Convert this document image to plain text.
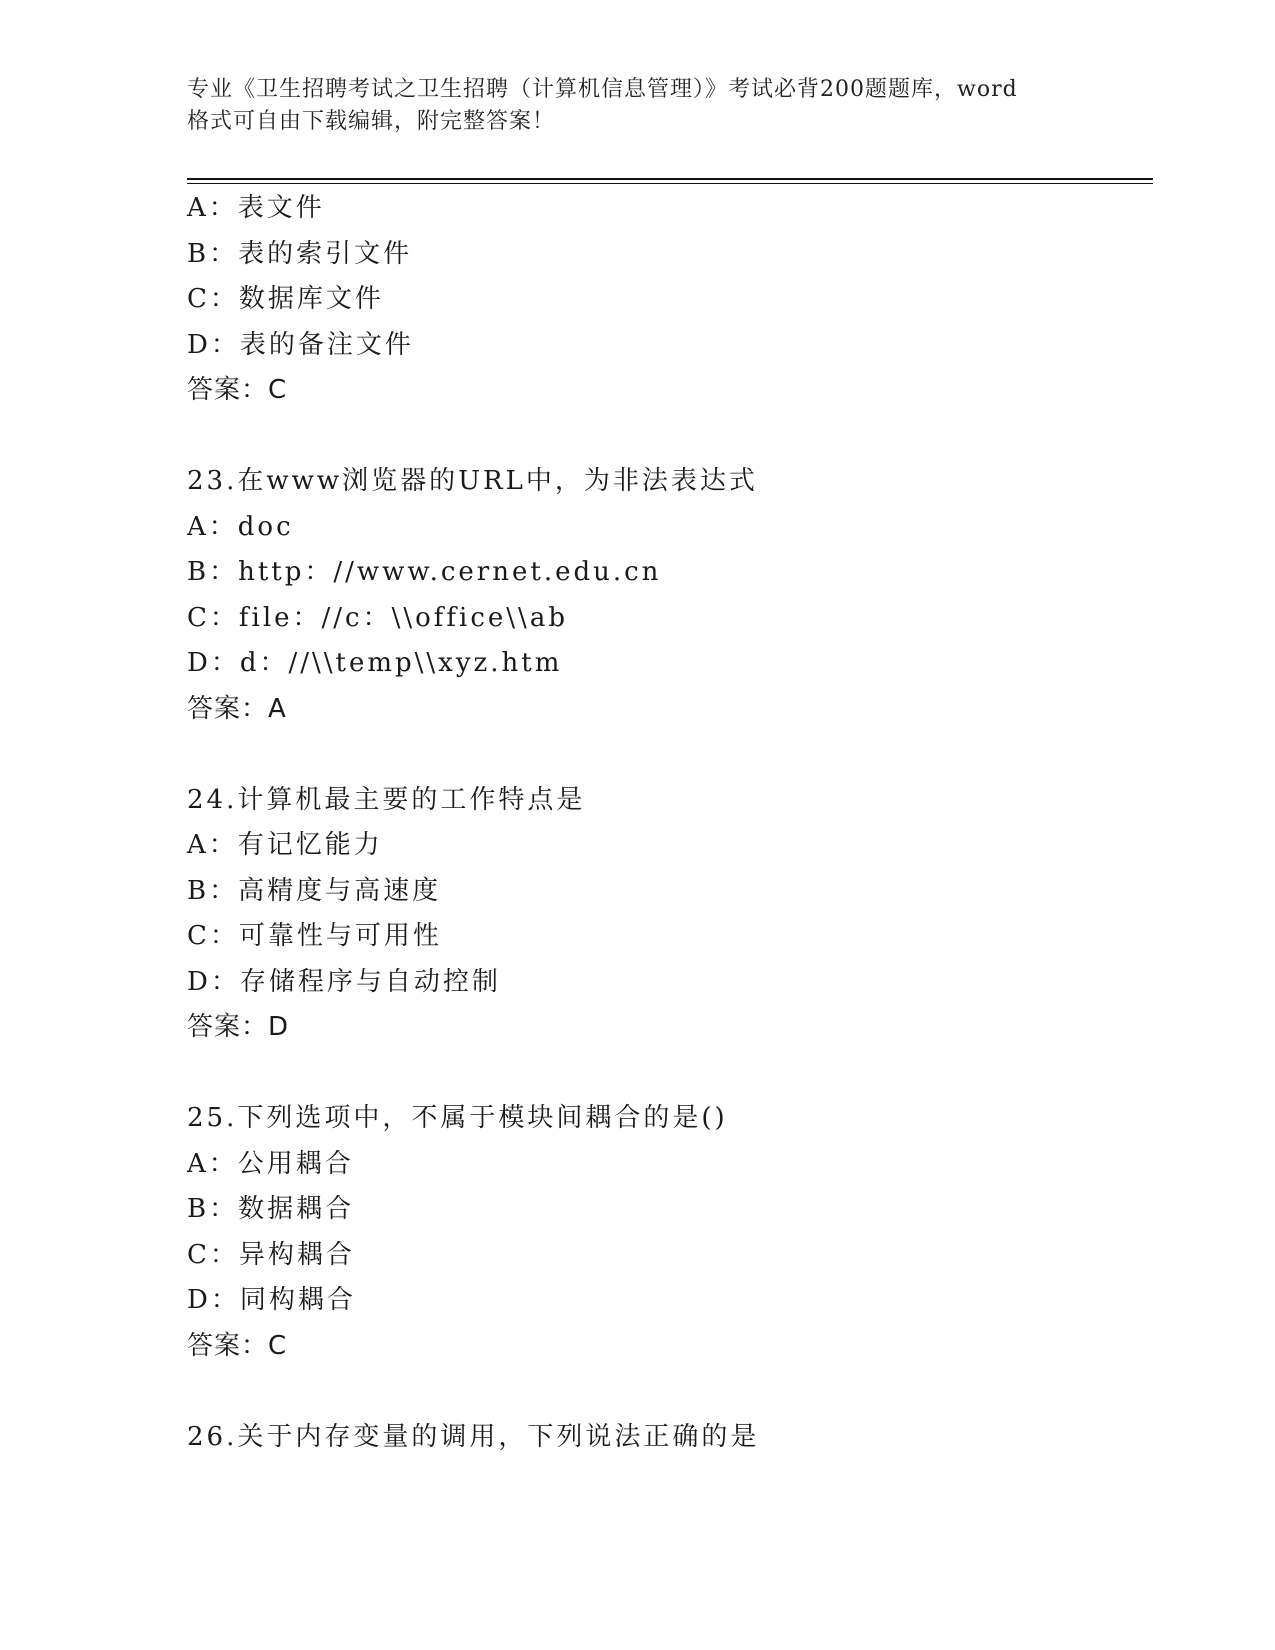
专业《卫生招聘考试之卫生招聘（计算机信息管理）》考试必背200题题库，word
格式可自由下载编辑，附完整答案！
A：表文件
B：表的索引文件
C：数据库文件
D：表的备注文件
答案：C
23.在www浏览器的URL中，为非法表达式
A：doc
B：http：//www.cernet.edu.cn
C：file：//c：\\office\\ab
D：d：//\\temp\\xyz.htm
答案：A
24.计算机最主要的工作特点是
A：有记忆能力
B：高精度与高速度
C：可靠性与可用性
D：存储程序与自动控制
答案：D
25.下列选项中，不属于模块间耦合的是()
A：公用耦合
B：数据耦合
C：异构耦合
D：同构耦合
答案：C
26.关于内存变量的调用，下列说法正确的是
